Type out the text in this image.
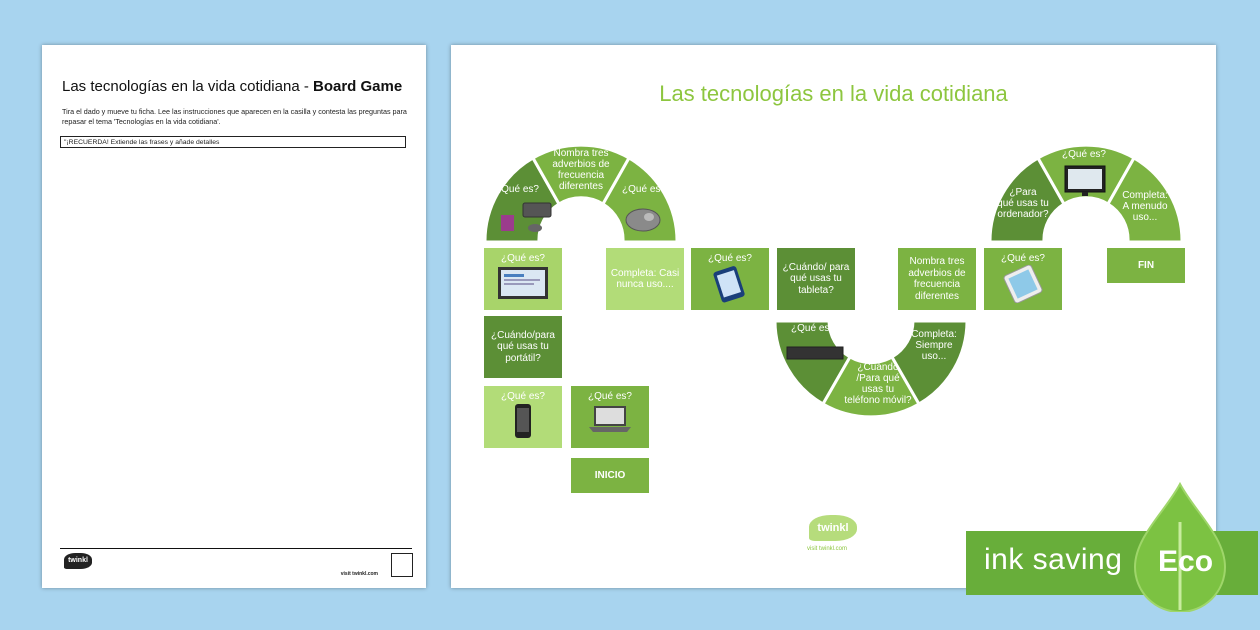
Las tecnologías en la vida cotidiana - Board Game
Tira el dado y mueve tu ficha. Lee las instrucciones que aparecen en la casilla y contesta las preguntas para repasar el tema 'Tecnologías en la vida cotidiana'.
"¡RECUERDA! Extiende las frases y añade detalles
twinkl
visit twinkl.com
Las tecnologías en la vida cotidiana
¿Qué es?
Nombra tres adverbios de frecuencia diferentes	¿Qué es?
¿Qué es?
¿Cuándo /Para qué usas tu teléfono móvil?
Completa: Siempre uso...
¿Para qué usas tu ordenador?
¿Qué es?
Completa: A menudo uso...
INICIO
¿Qué es?
¿Qué es?
¿Cuándo/para qué usas tu portátil?
¿Qué es?
Completa: Casi nunca uso....
¿Qué es?
¿Cuándo/ para qué usas tu tableta?
Nombra tres adverbios de frecuencia diferentes
¿Qué es?
FIN
twinkl
visit twinkl.com	ink saving Eco
